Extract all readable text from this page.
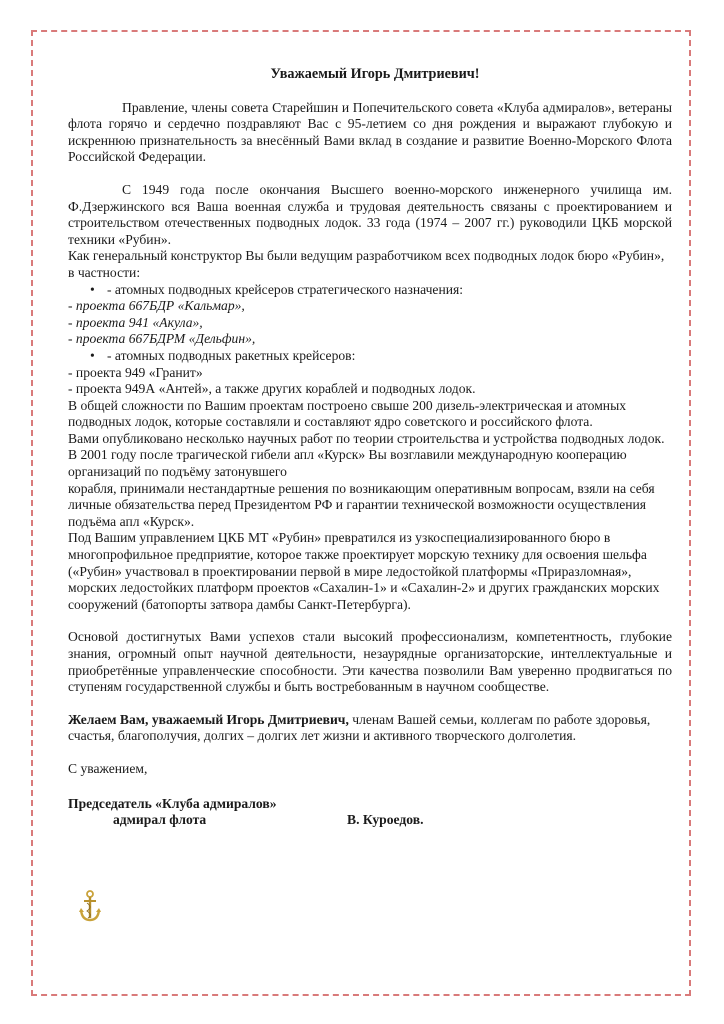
Уважаемый Игорь Дмитриевич!

Правление, члены совета Старейшин и Попечительского совета «Клуба адмиралов», ветераны флота горячо и сердечно поздравляют Вас с 95-летием со дня рождения и выражают глубокую и искреннюю признательность за внесённый Вами вклад в создание и развитие Военно-Морского Флота Российской Федерации.

С 1949 года после окончания Высшего военно-морского инженерного училища им. Ф.Дзержинского вся Ваша военная служба и трудовая деятельность связаны с проектированием и строительством отечественных подводных лодок. 33 года (1974 – 2007 гг.) руководили ЦКБ морской техники «Рубин».

Как генеральный конструктор Вы были ведущим разработчиком всех подводных лодок бюро «Рубин», в частности:

• - атомных подводных крейсеров стратегического назначения:

- проекта 667БДР «Кальмар»,

- проекта 941 «Акула»,

- проекта 667БДРМ «Дельфин»,

• - атомных подводных ракетных крейсеров:

- проекта 949 «Гранит»

- проекта 949А «Антей», а также других кораблей и подводных лодок.

В общей сложности по Вашим проектам построено свыше 200 дизель-электрическая и атомных подводных лодок, которые составляли и составляют ядро советского и российского флота.

Вами опубликовано несколько научных работ по теории строительства и устройства подводных лодок.

В 2001 году после трагической гибели апл «Курск» Вы возглавили международную кооперацию организаций по подъёму затонувшего

корабля, принимали нестандартные решения по возникающим оперативным вопросам, взяли на себя личные обязательства перед Президентом РФ и гарантии технической возможности осуществления подъёма апл «Курск».

Под Вашим управлением ЦКБ МТ «Рубин» превратился из узкоспециализированного бюро в многопрофильное предприятие, которое также проектирует морскую технику для освоения шельфа («Рубин» участвовал в проектировании первой в мире ледостойкой платформы «Приразломная», морских ледостойких платформ проектов «Сахалин-1» и «Сахалин-2» и других гражданских морских сооружений (батопорты затвора дамбы Санкт-Петербурга).

Основой достигнутых Вами успехов стали высокий профессионализм, компетентность, глубокие знания, огромный опыт научной деятельности, незаурядные организаторские, интеллектуальные и приобретённые управленческие способности. Эти качества позволили Вам уверенно продвигаться по ступеням государственной службы и быть востребованным в научном сообществе.

Желаем Вам, уважаемый Игорь Дмитриевич, членам Вашей семьи, коллегам по работе здоровья, счастья, благополучия, долгих – долгих лет жизни и активного творческого долголетия.

С уважением,

Председатель «Клуба адмиралов»

адмирал флота	В. Куроедов.
